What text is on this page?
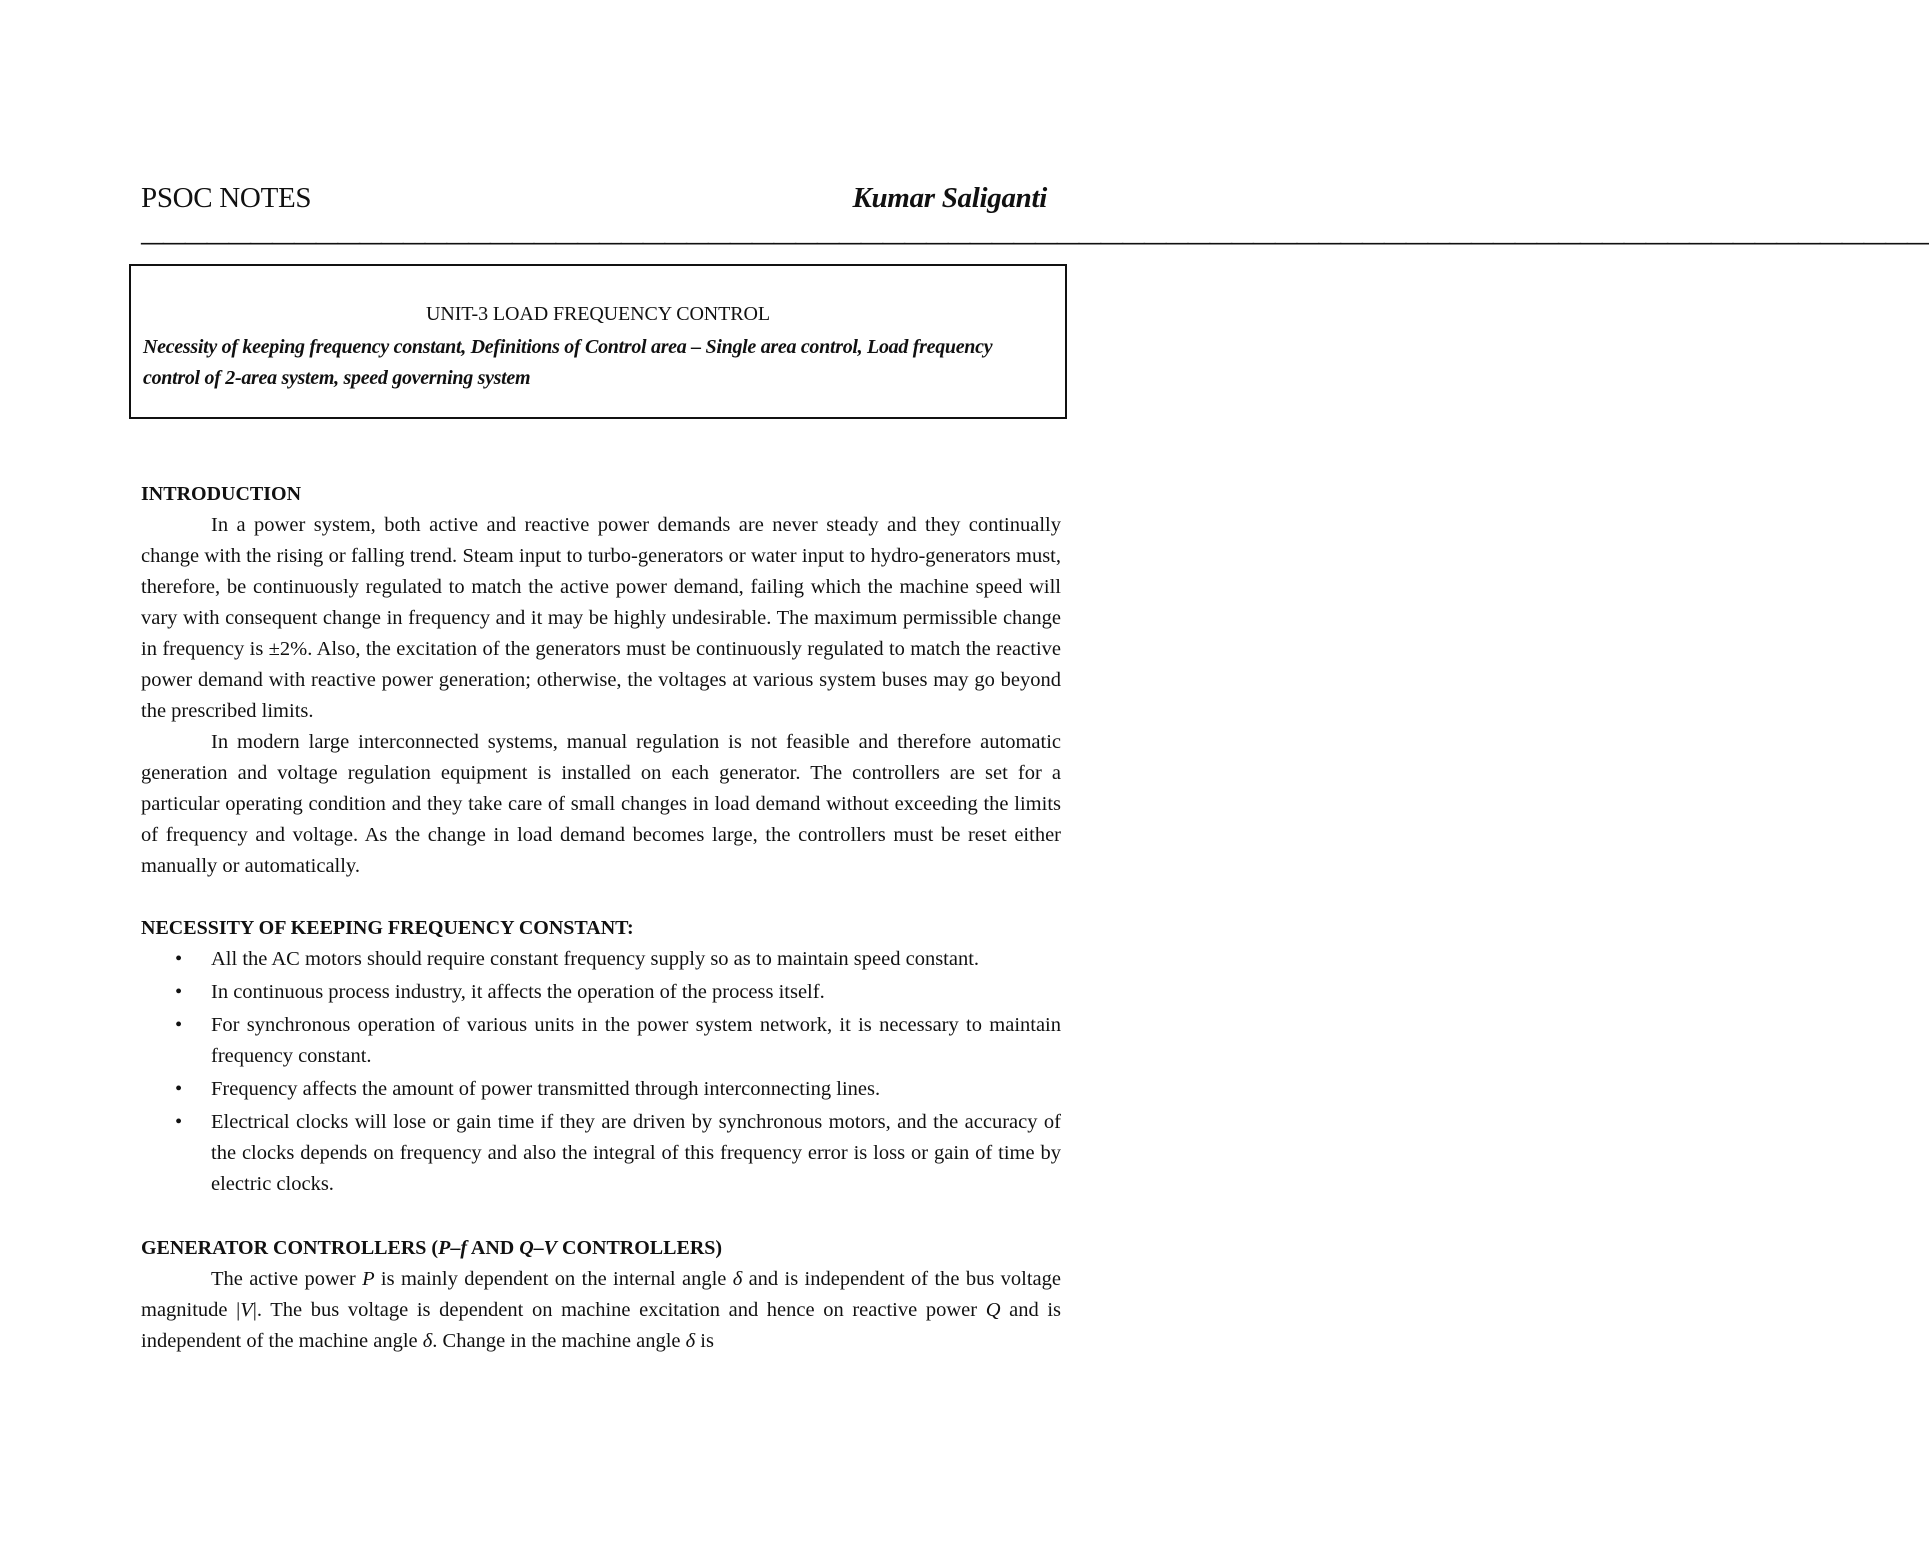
PSOC NOTES	Kumar Saliganti
——————————————————————————————————————————————————————————————————————————————————
UNIT-3 LOAD FREQUENCY CONTROL
Necessity of keeping frequency constant, Definitions of Control area – Single area control, Load frequency control of 2-area system, speed governing system

INTRODUCTION

In a power system, both active and reactive power demands are never steady and they continually change with the rising or falling trend. Steam input to turbo-generators or water input to hydro-generators must, therefore, be continuously regulated to match the active power demand, failing which the machine speed will vary with consequent change in frequency and it may be highly undesirable. The maximum permissible change in frequency is ±2%. Also, the excitation of the generators must be continuously regulated to match the reactive power demand with reactive power generation; otherwise, the voltages at various system buses may go beyond the prescribed limits.

In modern large interconnected systems, manual regulation is not feasible and therefore automatic generation and voltage regulation equipment is installed on each generator. The controllers are set for a particular operating condition and they take care of small changes in load demand without exceeding the limits of frequency and voltage. As the change in load demand becomes large, the controllers must be reset either manually or automatically.

NECESSITY OF KEEPING FREQUENCY CONSTANT:

• All the AC motors should require constant frequency supply so as to maintain speed constant.
• In continuous process industry, it affects the operation of the process itself.
• For synchronous operation of various units in the power system network, it is necessary to maintain frequency constant.
• Frequency affects the amount of power transmitted through interconnecting lines.
• Electrical clocks will lose or gain time if they are driven by synchronous motors, and the accuracy of the clocks depends on frequency and also the integral of this frequency error is loss or gain of time by electric clocks.

GENERATOR CONTROLLERS (P–f AND Q–V CONTROLLERS)

The active power P is mainly dependent on the internal angle δ and is independent of the bus voltage magnitude |V|. The bus voltage is dependent on machine excitation and hence on reactive power Q and is independent of the machine angle δ. Change in the machine angle δ is
